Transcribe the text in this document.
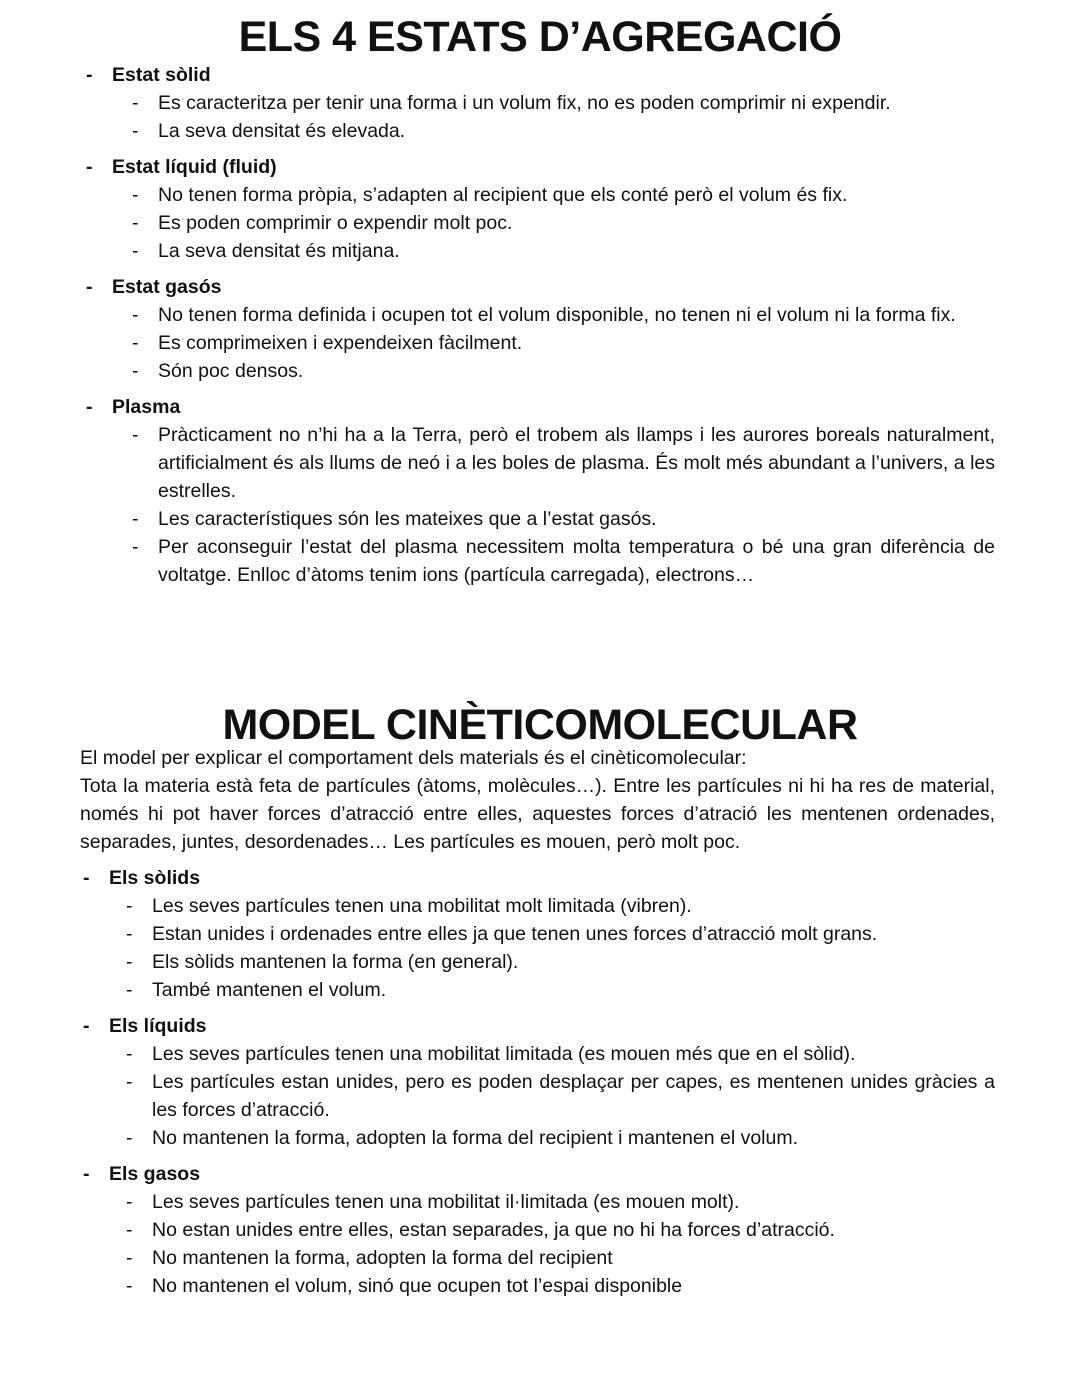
ELS 4 ESTATS D’AGREGACIÓ
- Estat sòlid
- Es caracteritza per tenir una forma i un volum fix, no es poden comprimir ni expendir.
- La seva densitat és elevada.
- Estat líquid (fluid)
- No tenen forma pròpia, s’adapten al recipient que els conté però el volum és fix.
- Es poden comprimir o expendir molt poc.
- La seva densitat és mitjana.
- Estat gasós
- No tenen forma definida i ocupen tot el volum disponible, no tenen ni el volum ni la forma fix.
- Es comprimeixen i expendeixen fàcilment.
- Són poc densos.
- Plasma
- Pràcticament no n’hi ha a la Terra, però el trobem als llamps i les aurores boreals naturalment, artificialment és als llums de neó i a les boles de plasma. És molt més abundant a l’univers, a les estrelles.
- Les característiques són les mateixes que a l’estat gasós.
- Per aconseguir l’estat del plasma necessitem molta temperatura o bé una gran diferència de voltatge. Enlloc d’àtoms tenim ions (partícula carregada), electrons…
MODEL CINÈTICOMOLECULAR

El model per explicar el comportament dels materials és el cinèticomolecular:

Tota la materia està feta de partícules (àtoms, molècules…). Entre les partícules ni hi ha res de material, només hi pot haver forces d’atracció entre elles, aquestes forces d’atració les mentenen ordenades, separades, juntes, desordenades… Les partícules es mouen, però molt poc.

- Els sòlids
- Les seves partícules tenen una mobilitat molt limitada (vibren).
- Estan unides i ordenades entre elles ja que tenen unes forces d’atracció molt grans.
- Els sòlids mantenen la forma (en general).
- També mantenen el volum.
- Els líquids
- Les seves partícules tenen una mobilitat limitada (es mouen més que en el sòlid).
- Les partícules estan unides, pero es poden desplaçar per capes, es mentenen unides gràcies a les forces d’atracció.
- No mantenen la forma, adopten la forma del recipient i mantenen el volum.
- Els gasos
- Les seves partícules tenen una mobilitat il·limitada (es mouen molt).
- No estan unides entre elles, estan separades, ja que no hi ha forces d’atracció.
- No mantenen la forma, adopten la forma del recipient
- No mantenen el volum, sinó que ocupen tot l’espai disponible
